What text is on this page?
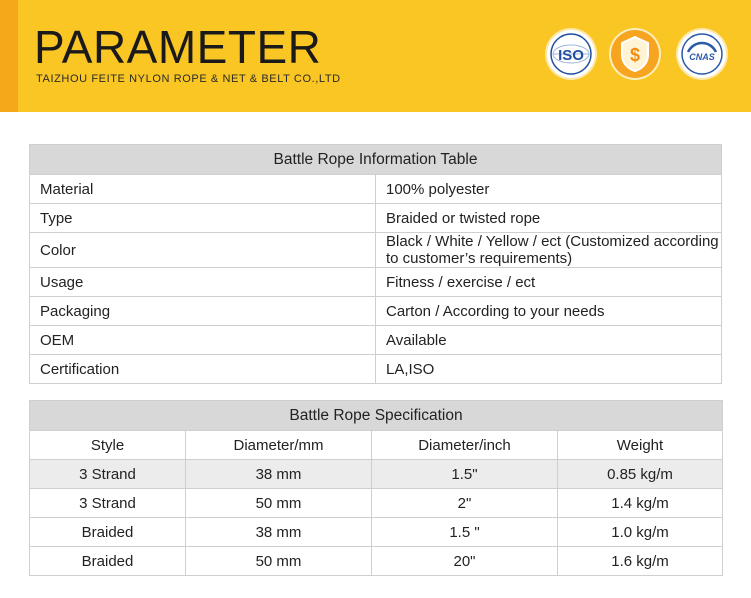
PARAMETER
TAIZHOU FEITE NYLON ROPE & NET & BELT CO.,LTD
ISO	$	CNAS
Battle Rope Information Table	
Material	100% polyester
Type	Braided or twisted rope
Color	Black / White / Yellow / ect (Customized according to customer’s requirements)
Usage	Fitness / exercise / ect
Packaging	Carton / According to your needs
OEM	Available
Certification	LA,ISO
Battle Rope Specification			
Style	Diameter/mm	Diameter/inch	Weight
3 Strand	38 mm	1.5"	0.85 kg/m
3 Strand	50 mm	2"	1.4 kg/m
Braided	38 mm	1.5 "	1.0 kg/m
Braided	50 mm	20"	1.6 kg/m
